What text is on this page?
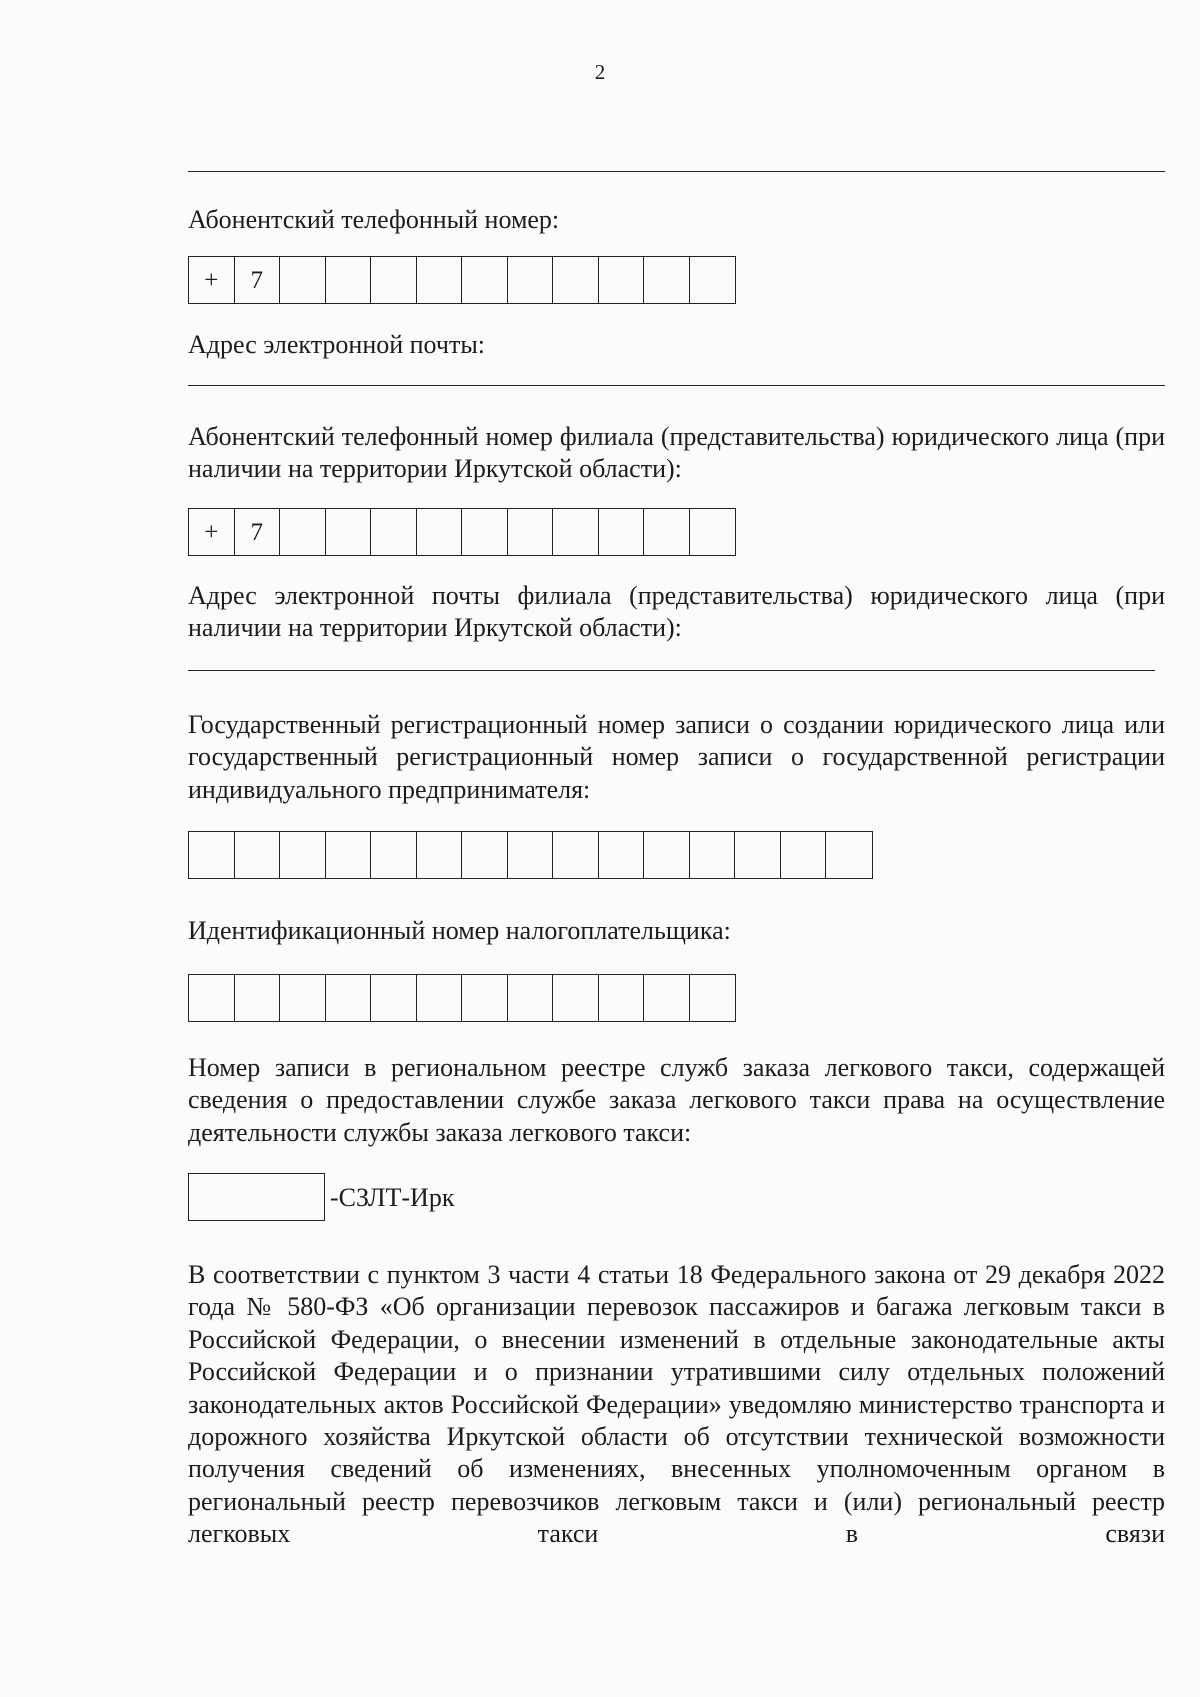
2

Абонентский телефонный номер:

+	7

Адрес электронной почты:

Абонентский телефонный номер филиала (представительства) юридического лица (при наличии на территории Иркутской области):

+	7

Адрес электронной почты филиала (представительства) юридического лица (при наличии на территории Иркутской области):

Государственный регистрационный номер записи о создании юридического лица или государственный регистрационный номер записи о государственной регистрации индивидуального предпринимателя:

Идентификационный номер налогоплательщика:

Номер записи в региональном реестре служб заказа легкового такси, содержащей сведения о предоставлении службе заказа легкового такси права на осуществление деятельности службы заказа легкового такси:

-СЗЛТ-Ирк

В соответствии с пунктом 3 части 4 статьи 18 Федерального закона от 29 декабря 2022 года № 580-ФЗ «Об организации перевозок пассажиров и багажа легковым такси в Российской Федерации, о внесении изменений в отдельные законодательные акты Российской Федерации и о признании утратившими силу отдельных положений законодательных актов Российской Федерации» уведомляю министерство транспорта и дорожного хозяйства Иркутской области об отсутствии технической возможности получения сведений об изменениях, внесенных уполномоченным органом в региональный реестр перевозчиков легковым такси и (или) региональный реестр легковых такси в связи
